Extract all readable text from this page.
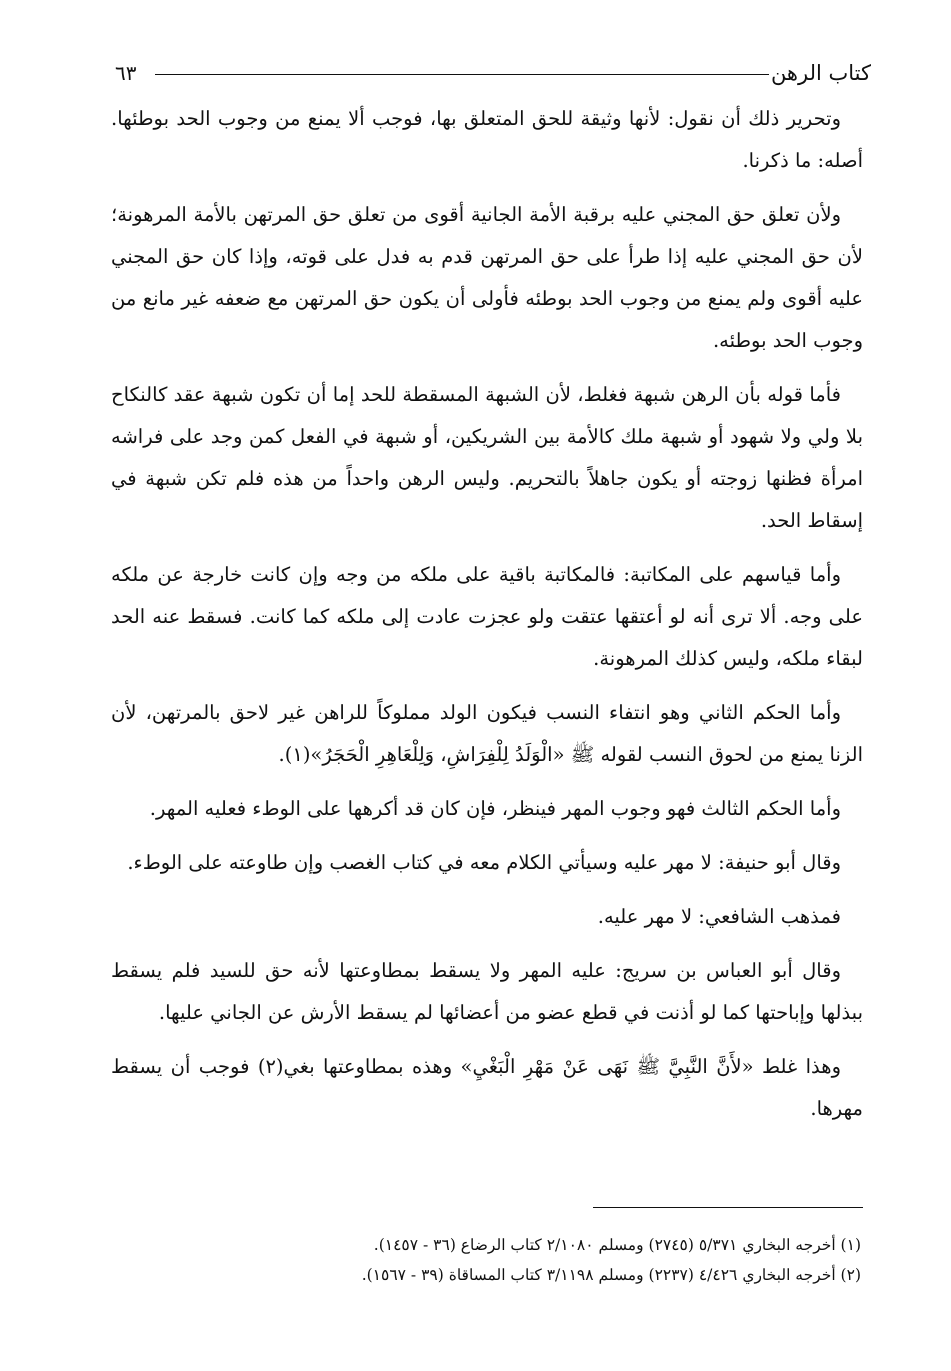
كتاب الرهن
٦٣

وتحرير ذلك أن نقول: لأنها وثيقة للحق المتعلق بها، فوجب ألا يمنع من وجوب الحد بوطئها. أصله: ما ذكرنا.

ولأن تعلق حق المجني عليه برقبة الأمة الجانية أقوى من تعلق حق المرتهن بالأمة المرهونة؛ لأن حق المجني عليه إذا طرأ على حق المرتهن قدم به فدل على قوته، وإذا كان حق المجني عليه أقوى ولم يمنع من وجوب الحد بوطئه فأولى أن يكون حق المرتهن مع ضعفه غير مانع من وجوب الحد بوطئه.

فأما قوله بأن الرهن شبهة فغلط، لأن الشبهة المسقطة للحد إما أن تكون شبهة عقد كالنكاح بلا ولي ولا شهود أو شبهة ملك كالأمة بين الشريكين، أو شبهة في الفعل كمن وجد على فراشه امرأة فظنها زوجته أو يكون جاهلاً بالتحريم. وليس الرهن واحداً من هذه فلم تكن شبهة في إسقاط الحد.

وأما قياسهم على المكاتبة: فالمكاتبة باقية على ملكه من وجه وإن كانت خارجة عن ملكه على وجه. ألا ترى أنه لو أعتقها عتقت ولو عجزت عادت إلى ملكه كما كانت. فسقط عنه الحد لبقاء ملكه، وليس كذلك المرهونة.

وأما الحكم الثاني وهو انتفاء النسب فيكون الولد مملوكاً للراهن غير لاحق بالمرتهن، لأن الزنا يمنع من لحوق النسب لقوله ﷺ «الْوَلَدُ لِلْفِرَاشِ، وَلِلْعَاهِرِ الْحَجَرُ»(١).

وأما الحكم الثالث فهو وجوب المهر فينظر، فإن كان قد أكرهها على الوطء فعليه المهر.

وقال أبو حنيفة: لا مهر عليه وسيأتي الكلام معه في كتاب الغصب وإن طاوعته على الوطء.

فمذهب الشافعي: لا مهر عليه.

وقال أبو العباس بن سريج: عليه المهر ولا يسقط بمطاوعتها لأنه حق للسيد فلم يسقط ببذلها وإباحتها كما لو أذنت في قطع عضو من أعضائها لم يسقط الأرش عن الجاني عليها.

وهذا غلط «لأَنَّ النَّبِيَّ ﷺ نَهَى عَنْ مَهْرِ الْبَغْيِ» وهذه بمطاوعتها بغي(٢) فوجب أن يسقط مهرها.

(١) أخرجه البخاري ٥/٣٧١ (٢٧٤٥) ومسلم ٢/١٠٨٠ كتاب الرضاع (٣٦ - ١٤٥٧).

(٢) أخرجه البخاري ٤/٤٢٦ (٢٢٣٧) ومسلم ٣/١١٩٨ كتاب المساقاة (٣٩ - ١٥٦٧).
